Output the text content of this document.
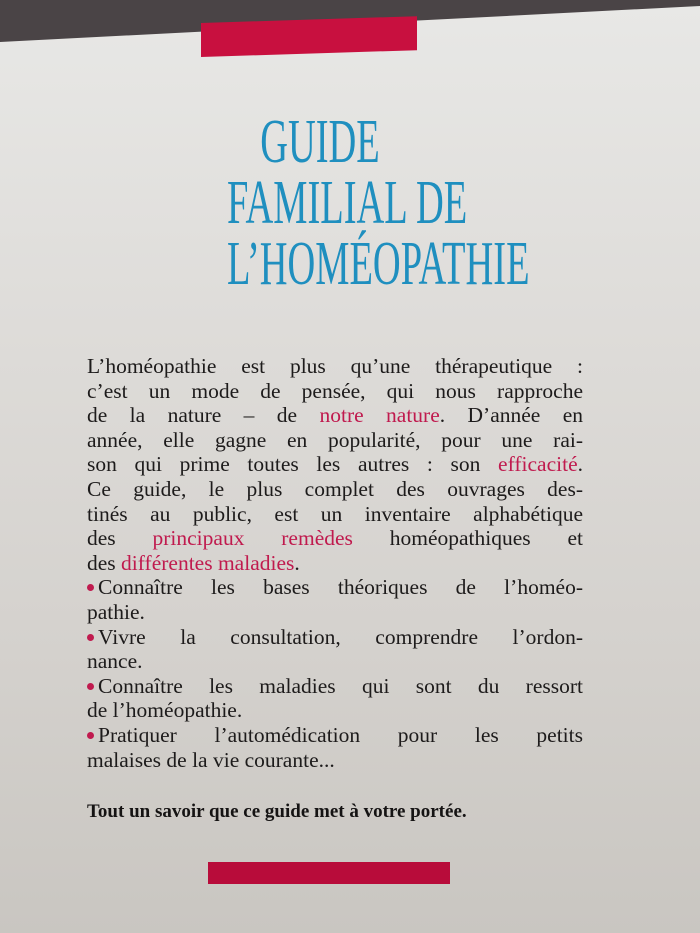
GUIDE
FAMILIAL DE
L’HOMÉOPATHIE
L’homéopathie est plus qu’une thérapeutique :
c’est un mode de pensée, qui nous rapproche
de la nature – de notre nature. D’année en
année, elle gagne en popularité, pour une rai-
son qui prime toutes les autres : son efficacité.
Ce guide, le plus complet des ouvrages des-
tinés au public, est un inventaire alphabétique
des principaux remèdes homéopathiques et
des différentes maladies.
Connaître les bases théoriques de l’homéo-
pathie.
Vivre la consultation, comprendre l’ordon-
nance.
Connaître les maladies qui sont du ressort
de l’homéopathie.
Pratiquer l’automédication pour les petits
malaises de la vie courante...
Tout un savoir que ce guide met à votre portée.
